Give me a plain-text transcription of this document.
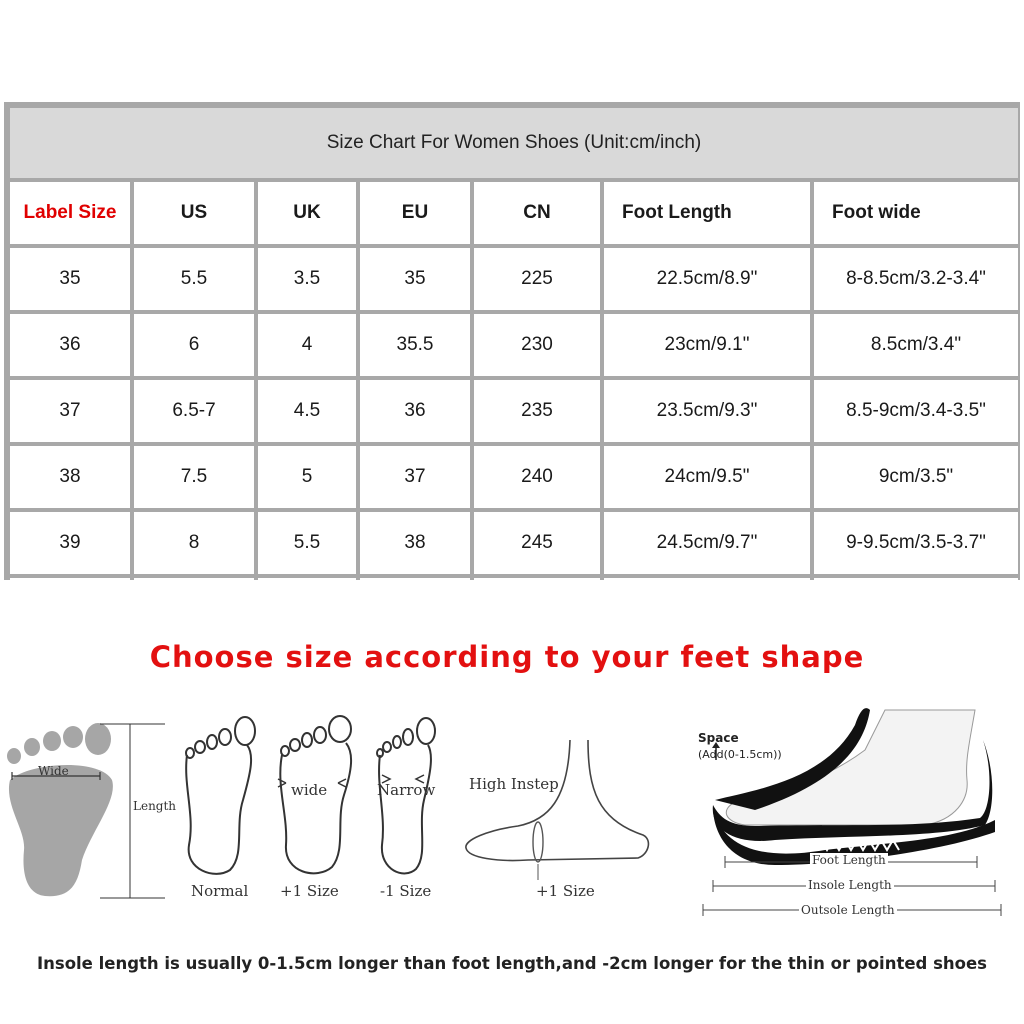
Size Chart For Women Shoes (Unit:cm/inch)
Label Size	US	UK	EU	CN	Foot Length	Foot wide
35	5.5	3.5	35	225	22.5cm/8.9"	8-8.5cm/3.2-3.4"
36	6	4	35.5	230	23cm/9.1"	8.5cm/3.4"
37	6.5-7	4.5	36	235	23.5cm/9.3"	8.5-9cm/3.4-3.5"
38	7.5	5	37	240	24cm/9.5"	9cm/3.5"
39	8	5.5	38	245	24.5cm/9.7"	9-9.5cm/3.5-3.7"
Choose size according to your feet shape
Wide
Length
wide	Narrow
Normal +1 Size	-1 Size
High Instep
+1 Size
Space
(Add(0-1.5cm))
Foot Length
Insole Length
Outsole Length
Insole length is usually 0-1.5cm longer than foot length,and -2cm longer for the thin or pointed shoes
